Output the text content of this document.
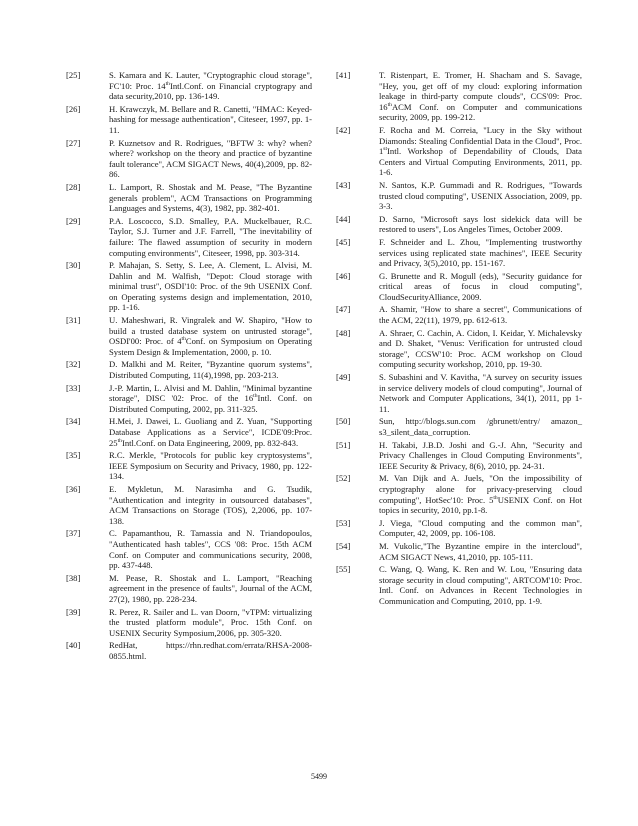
[25]	S. Kamara and K. Lauter, "Cryptographic cloud storage", FC'10: Proc. 14thIntl.Conf. on Financial cryptograpy and data security,2010, pp. 136-149.
[26]	H. Krawczyk, M. Bellare and R. Canetti, "HMAC: Keyed-hashing for message authentication", Citeseer, 1997, pp. 1-11.
[27]	P. Kuznetsov and R. Rodrigues, "BFTW 3: why? when? where? workshop on the theory and practice of byzantine fault tolerance", ACM SIGACT News, 40(4),2009, pp. 82-86.
[28]	L. Lamport, R. Shostak and M. Pease, "The Byzantine generals problem", ACM Transactions on Programming Languages and Systems, 4(3), 1982, pp. 382-401.
[29]	P.A. Loscocco, S.D. Smalley, P.A. Muckelbauer, R.C. Taylor, S.J. Turner and J.F. Farrell, "The inevitability of failure: The flawed assumption of security in modern computing environments", Citeseer, 1998, pp. 303-314.
[30]	P. Mahajan, S. Setty, S. Lee, A. Clement, L. Alvisi, M. Dahlin and M. Walfish, "Depot: Cloud storage with minimal trust", OSDI'10: Proc. of the 9th USENIX Conf. on Operating systems design and implementation, 2010, pp. 1-16.
[31]	U. Maheshwari, R. Vingralek and W. Shapiro, "How to build a trusted database system on untrusted storage", OSDI'00: Proc. of 4thConf. on Symposium on Operating System Design & Implementation, 2000, p. 10.
[32]	D. Malkhi and M. Reiter, "Byzantine quorum systems", Distributed Computing, 11(4),1998, pp. 203-213.
[33]	J.-P. Martin, L. Alvisi and M. Dahlin, "Minimal byzantine storage", DISC '02: Proc. of the 16thIntl. Conf. on Distributed Computing, 2002, pp. 311-325.
[34]	H.Mei, J. Dawei, L. Guoliang and Z. Yuan, "Supporting Database Applications as a Service", ICDE'09:Proc. 25thIntl.Conf. on Data Engineering, 2009, pp. 832-843.
[35]	R.C. Merkle, "Protocols for public key cryptosystems", IEEE Symposium on Security and Privacy, 1980, pp. 122-134.
[36]	E. Mykletun, M. Narasimha and G. Tsudik, "Authentication and integrity in outsourced databases", ACM Transactions on Storage (TOS), 2,2006, pp. 107-138.
[37]	C. Papamanthou, R. Tamassia and N. Triandopoulos, "Authenticated hash tables", CCS '08: Proc. 15th ACM Conf. on Computer and communications security, 2008, pp. 437-448.
[38]	M. Pease, R. Shostak and L. Lamport, "Reaching agreement in the presence of faults", Journal of the ACM, 27(2), 1980, pp. 228-234.
[39]	R. Perez, R. Sailer and L. van Doorn, "vTPM: virtualizing the trusted platform module", Proc. 15th Conf. on USENIX Security Symposium,2006, pp. 305-320.
[40]	RedHat, https://rhn.redhat.com/errata/RHSA-2008-0855.html.
[41]	T. Ristenpart, E. Tromer, H. Shacham and S. Savage, "Hey, you, get off of my cloud: exploring information leakage in third-party compute clouds", CCS'09: Proc. 16thACM Conf. on Computer and communications security, 2009, pp. 199-212.
[42]	F. Rocha and M. Correia, "Lucy in the Sky without Diamonds: Stealing Confidential Data in the Cloud", Proc. 1stIntl. Workshop of Dependability of Clouds, Data Centers and Virtual Computing Environments, 2011, pp. 1-6.
[43]	N. Santos, K.P. Gummadi and R. Rodrigues, "Towards trusted cloud computing", USENIX Association, 2009, pp. 3-3.
[44]	D. Sarno, "Microsoft says lost sidekick data will be restored to users", Los Angeles Times, October 2009.
[45]	F. Schneider and L. Zhou, "Implementing trustworthy services using replicated state machines", IEEE Security and Privacy, 3(5),2010, pp. 151-167.
[46]	G. Brunette and R. Mogull (eds), "Security guidance for critical areas of focus in cloud computing", CloudSecurityAlliance, 2009.
[47]	A. Shamir, "How to share a secret", Communications of the ACM, 22(11), 1979, pp. 612-613.
[48]	A. Shraer, C. Cachin, A. Cidon, I. Keidar, Y. Michalevsky and D. Shaket, "Venus: Verification for untrusted cloud storage", CCSW'10: Proc. ACM workshop on Cloud computing security workshop, 2010, pp. 19-30.
[49]	S. Subashini and V. Kavitha, "A survey on security issues in service delivery models of cloud computing", Journal of Network and Computer Applications, 34(1), 2011, pp 1-11.
[50]	Sun, http://blogs.sun.com /gbrunett/entry/ amazon_ s3_silent_data_corruption.
[51]	H. Takabi, J.B.D. Joshi and G.-J. Ahn, "Security and Privacy Challenges in Cloud Computing Environments", IEEE Security & Privacy, 8(6), 2010, pp. 24-31.
[52]	M. Van Dijk and A. Juels, "On the impossibility of cryptography alone for privacy-preserving cloud computing", HotSec'10: Proc. 5thUSENIX Conf. on Hot topics in security, 2010, pp.1-8.
[53]	J. Viega, "Cloud computing and the common man", Computer, 42, 2009, pp. 106-108.
[54]	M. Vukolic,"The Byzantine empire in the intercloud", ACM SIGACT News, 41,2010, pp. 105-111.
[55]	C. Wang, Q. Wang, K. Ren and W. Lou, "Ensuring data storage security in cloud computing", ARTCOM'10: Proc. Intl. Conf. on Advances in Recent Technologies in Communication and Computing, 2010, pp. 1-9.
5499
